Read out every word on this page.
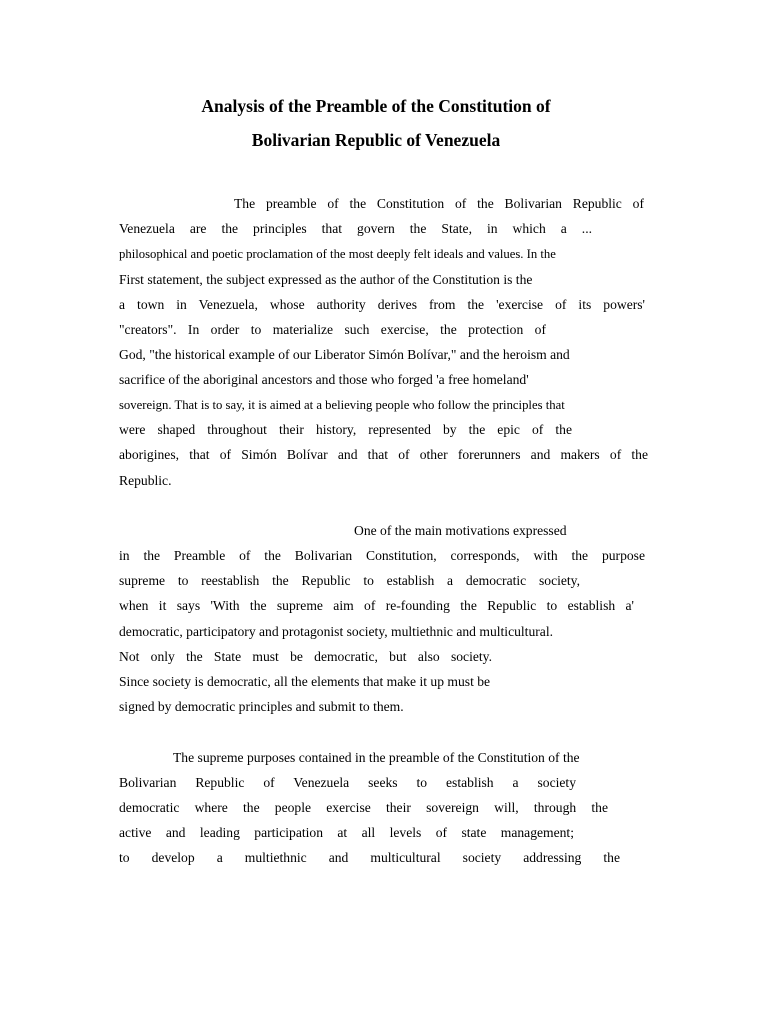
Analysis of the Preamble of the Constitution of
Bolivarian Republic of Venezuela
The preamble of the Constitution of the Bolivarian Republic of
Venezuela are the principles that govern the State, in which a ...
philosophical and poetic proclamation of the most deeply felt ideals and values. In the
First statement, the subject expressed as the author of the Constitution is the
a town in Venezuela, whose authority derives from the 'exercise of its powers'
"creators". In order to materialize such exercise, the protection of
God, "the historical example of our Liberator Simón Bolívar," and the heroism and
sacrifice of the aboriginal ancestors and those who forged 'a free homeland'
sovereign. That is to say, it is aimed at a believing people who follow the principles that
were shaped throughout their history, represented by the epic of the
aborigines, that of Simón Bolívar and that of other forerunners and makers of the
Republic.
One of the main motivations expressed
in the Preamble of the Bolivarian Constitution, corresponds, with the purpose
supreme to reestablish the Republic to establish a democratic society,
when it says 'With the supreme aim of re-founding the Republic to establish a'
democratic, participatory and protagonist society, multiethnic and multicultural.
Not only the State must be democratic, but also society.
Since society is democratic, all the elements that make it up must be
signed by democratic principles and submit to them.
The supreme purposes contained in the preamble of the Constitution of the
Bolivarian Republic of Venezuela seeks to establish a society
democratic where the people exercise their sovereign will, through the
active and leading participation at all levels of state management;
to develop a multiethnic and multicultural society addressing the
